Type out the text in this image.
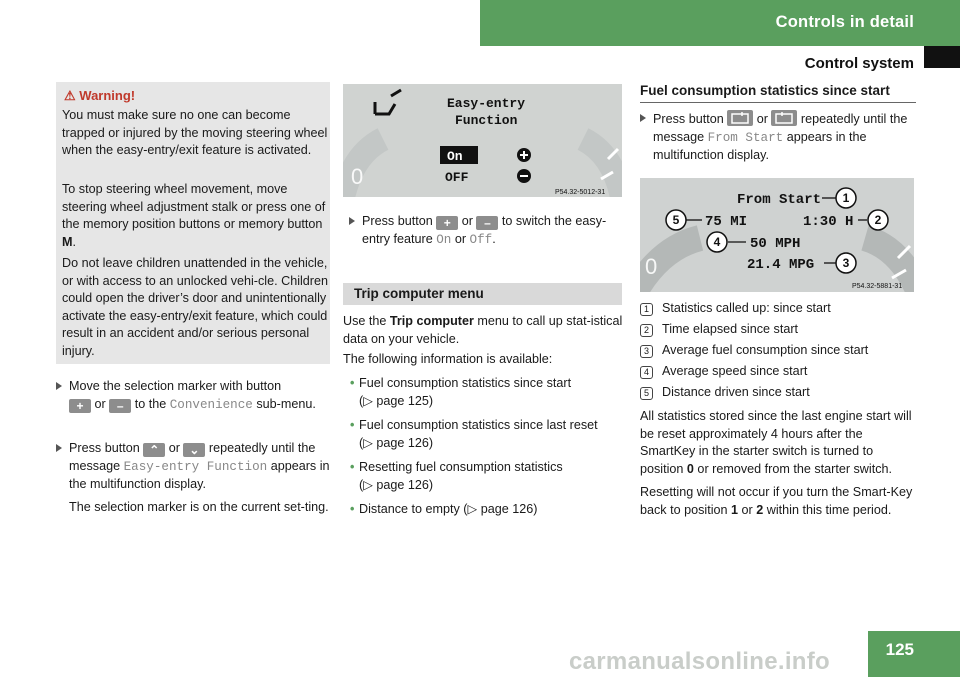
Controls in detail
Control system
⚠ Warning!
You must make sure no one can become trapped or injured by the moving steering wheel when the easy-entry/exit feature is activated.
To stop steering wheel movement, move steering wheel adjustment stalk or press one of the memory position buttons or memory button M.
Do not leave children unattended in the vehicle, or with access to an unlocked vehi-cle. Children could open the driver’s door and unintentionally activate the easy-entry/exit feature, which could result in an accident and/or serious personal injury.
Move the selection marker with button
+ or – to the Convenience sub-menu.
Press button ⌃ or ⌄ repeatedly until the message Easy-entry Function appears in the multifunction display.
The selection marker is on the current set-ting.
Easy-entry
Function
On
OFF
0
P54.32-5012-31
Press button + or – to switch the easy-entry feature On or Off.
Trip computer menu
Use the Trip computer menu to call up stat-istical data on your vehicle.
The following information is available:
• Fuel consumption statistics since start
(▷ page 125)
• Fuel consumption statistics since last reset
(▷ page 126)
• Resetting fuel consumption statistics
(▷ page 126)
• Distance to empty (▷ page 126)
Fuel consumption statistics since start
Press button	or	repeatedly until the message From Start appears in the multifunction display.
0
From Start
75 MI	1:30 H
50 MPH
21.4 MPG
1
2
3
4
5
P54.32-5881-31
1 Statistics called up: since start
2 Time elapsed since start
3 Average fuel consumption since start
4 Average speed since start
5 Distance driven since start
All statistics stored since the last engine start will be reset approximately 4 hours after the SmartKey in the starter switch is turned to position 0 or removed from the starter switch.
Resetting will not occur if you turn the Smart-Key back to position 1 or 2 within this time period.
125
carmanualsonline.info
